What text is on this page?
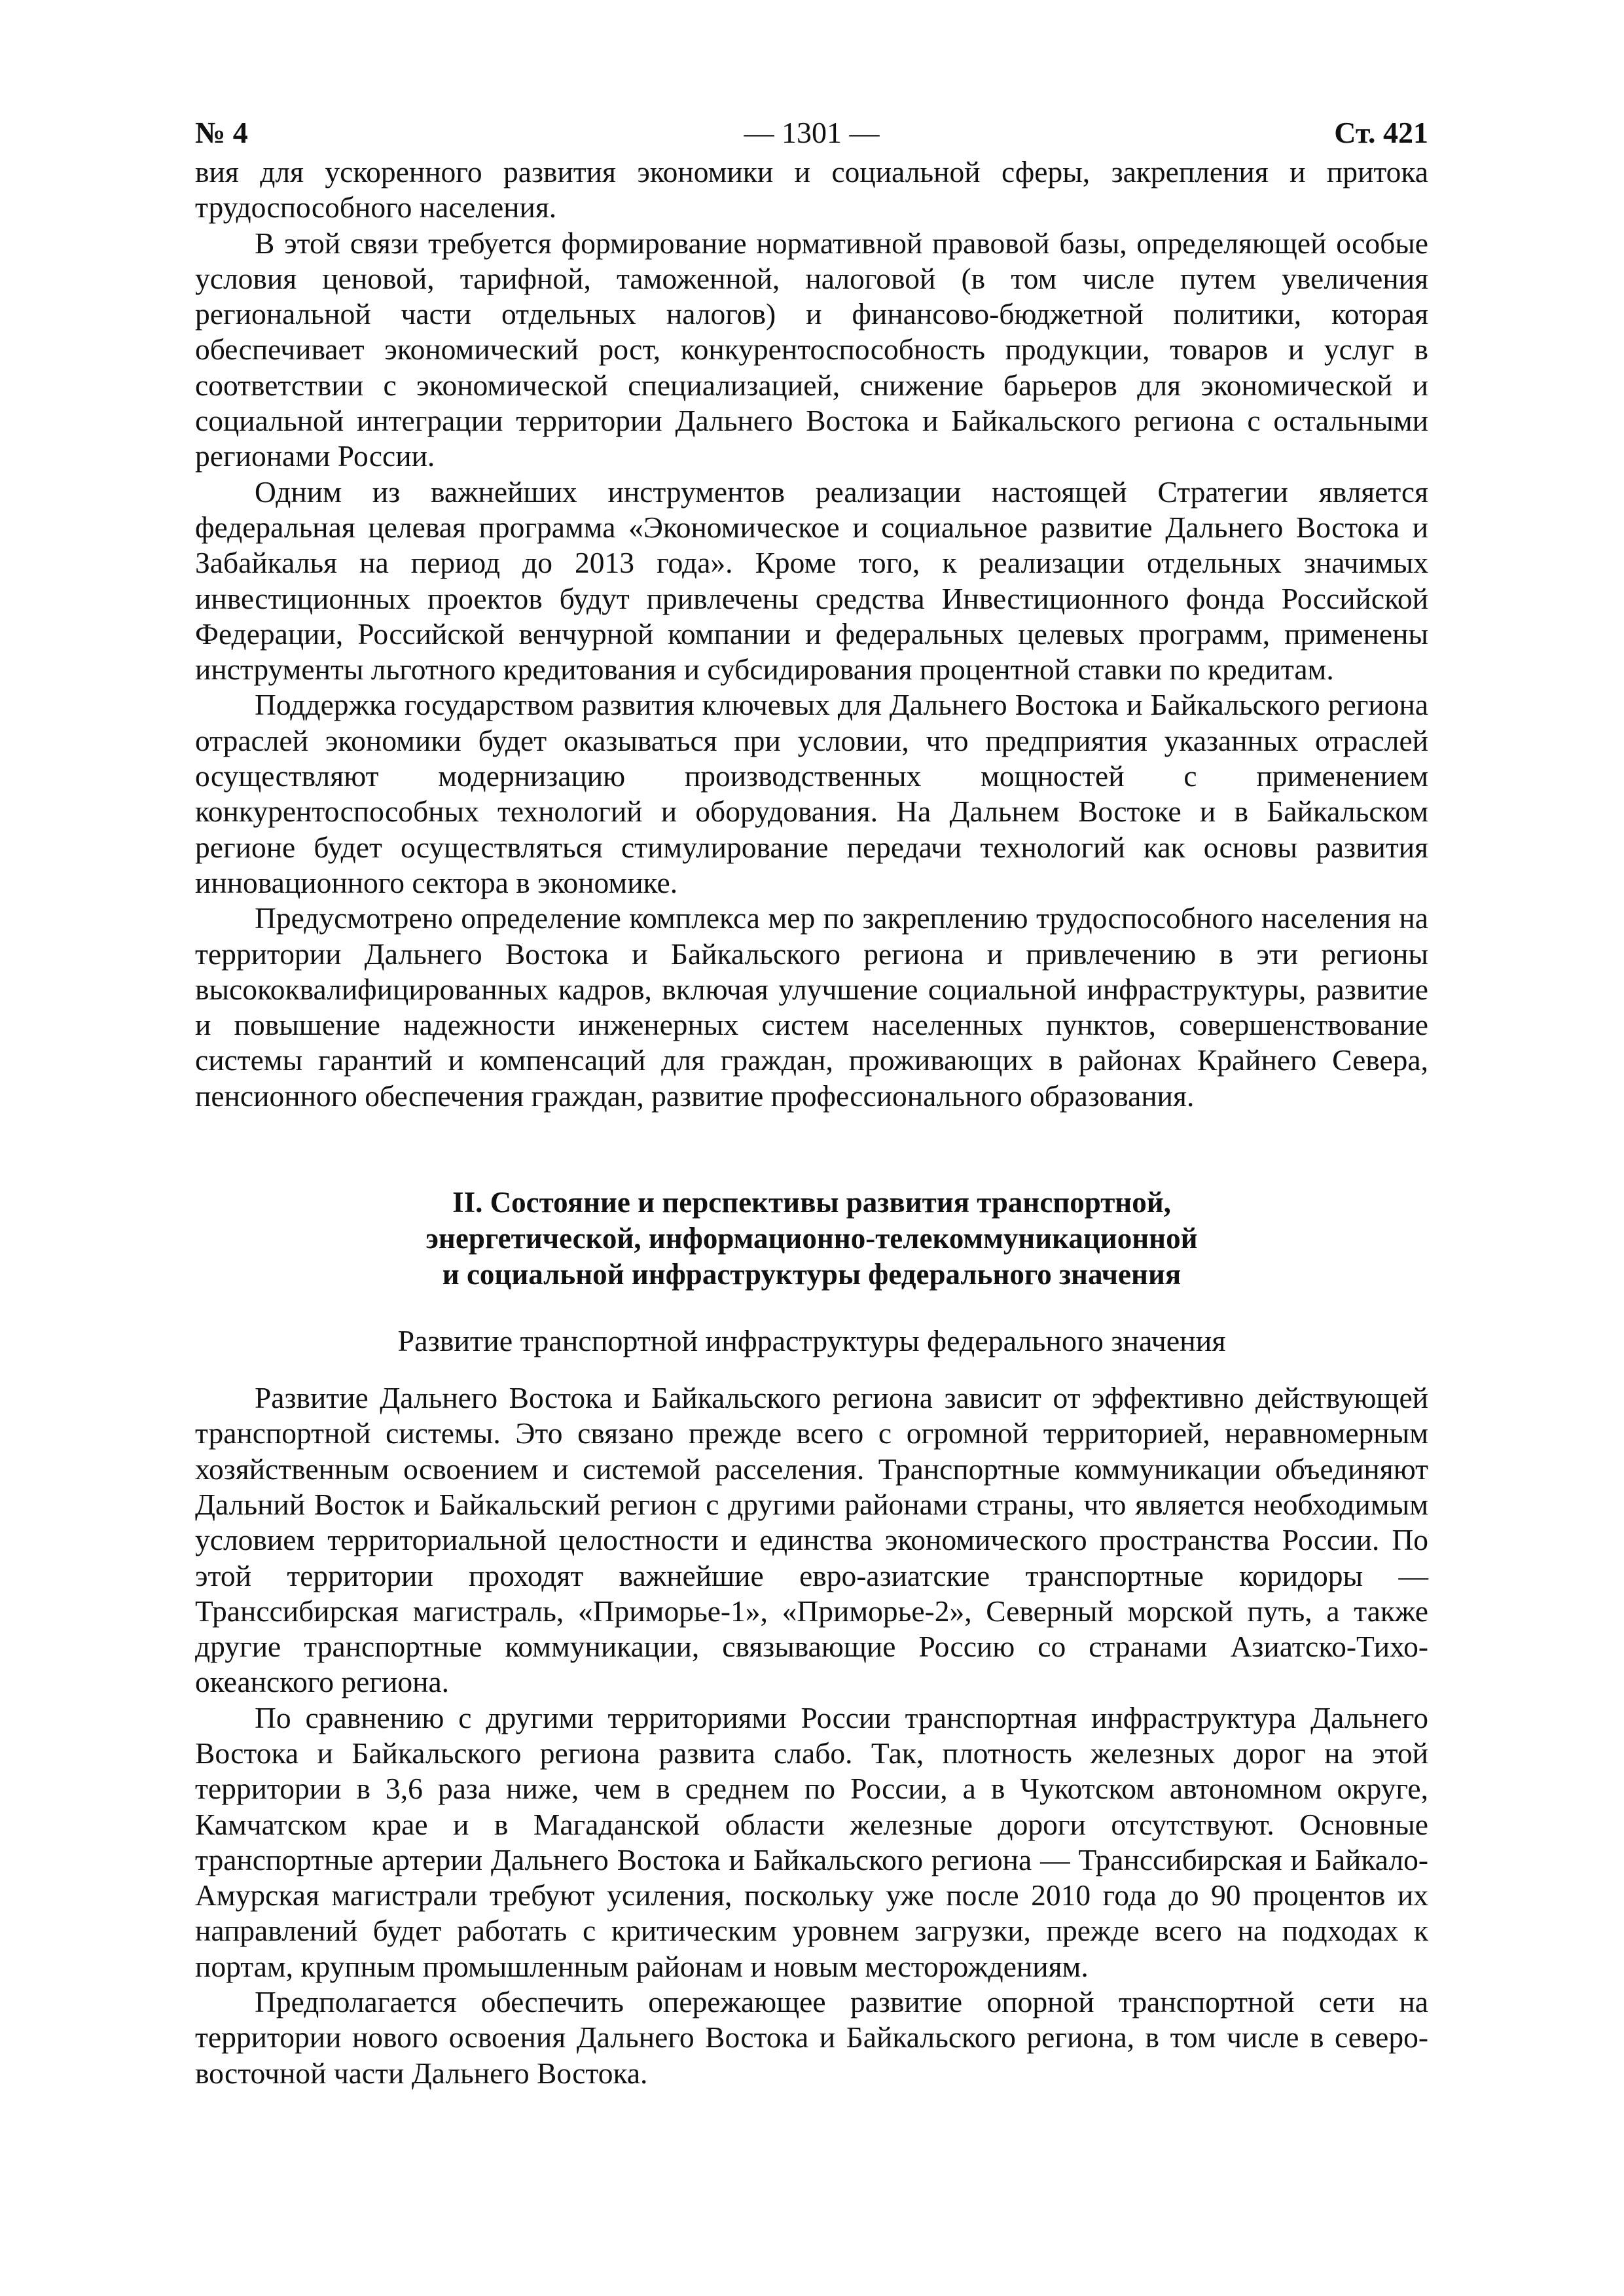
№ 4	— 1301 —	Ст. 421

вия для ускоренного развития экономики и социальной сферы, закрепления и притока трудоспособного населения.

В этой связи требуется формирование нормативной правовой базы, определяющей особые условия ценовой, тарифной, таможенной, налоговой (в том числе путем увеличения региональной части отдельных налогов) и финансово-бюджетной политики, которая обеспечивает экономический рост, конкурентоспособность продукции, товаров и услуг в соответствии с экономической специализацией, снижение барьеров для экономической и социальной интеграции территории Дальнего Востока и Байкальского региона с остальными регионами России.

Одним из важнейших инструментов реализации настоящей Стратегии является федеральная целевая программа «Экономическое и социальное развитие Дальнего Востока и Забайкалья на период до 2013 года». Кроме того, к реализации отдельных значимых инвестиционных проектов будут привлечены средства Инвестиционного фонда Российской Федерации, Российской венчурной компании и федеральных целевых программ, применены инструменты льготного кредитования и субсидирования процентной ставки по кредитам.

Поддержка государством развития ключевых для Дальнего Востока и Байкальского региона отраслей экономики будет оказываться при условии, что предприятия указанных отраслей осуществляют модернизацию производственных мощностей с применением конкурентоспособных технологий и оборудования. На Дальнем Востоке и в Байкальском регионе будет осуществляться стимулирование передачи технологий как основы развития инновационного сектора в экономике.

Предусмотрено определение комплекса мер по закреплению трудоспособного населения на территории Дальнего Востока и Байкальского региона и привлечению в эти регионы высококвалифицированных кадров, включая улучшение социальной инфраструктуры, развитие и повышение надежности инженерных систем населенных пунктов, совершенствование системы гарантий и компенсаций для граждан, проживающих в районах Крайнего Севера, пенсионного обеспечения граждан, развитие профессионального образования.

II. Состояние и перспективы развития транспортной,
энергетической, информационно-телекоммуникационной
и социальной инфраструктуры федерального значения
Развитие транспортной инфраструктуры федерального значения

Развитие Дальнего Востока и Байкальского региона зависит от эффективно действующей транспортной системы. Это связано прежде всего с огромной территорией, неравномерным хозяйственным освоением и системой расселения. Транспортные коммуникации объединяют Дальний Восток и Байкальский регион с другими районами страны, что является необходимым условием территориальной целостности и единства экономического пространства России. По этой территории проходят важнейшие евро-азиатские транспортные коридоры — Транссибирская магистраль, «Приморье-1», «Приморье-2», Северный морской путь, а также другие транспортные коммуникации, связывающие Россию со странами Азиатско-Тихоокеанского региона.

По сравнению с другими территориями России транспортная инфраструктура Дальнего Востока и Байкальского региона развита слабо. Так, плотность железных дорог на этой территории в 3,6 раза ниже, чем в среднем по России, а в Чукотском автономном округе, Камчатском крае и в Магаданской области железные дороги отсутствуют. Основные транспортные артерии Дальнего Востока и Байкальского региона — Транссибирская и Байкало-Амурская магистрали требуют усиления, поскольку уже после 2010 года до 90 процентов их направлений будет работать с критическим уровнем загрузки, прежде всего на подходах к портам, крупным промышленным районам и новым месторождениям.

Предполагается обеспечить опережающее развитие опорной транспортной сети на территории нового освоения Дальнего Востока и Байкальского региона, в том числе в северо-восточной части Дальнего Востока.
